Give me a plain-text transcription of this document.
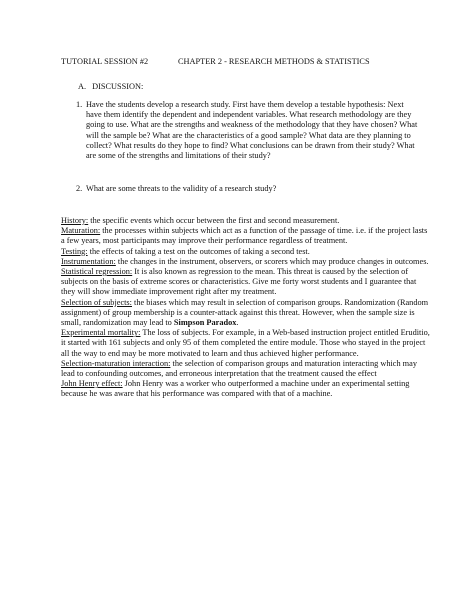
TUTORIAL SESSION #2	CHAPTER 2 - RESEARCH METHODS & STATISTICS
A. DISCUSSION:
1. Have the students develop a research study. First have them develop a testable hypothesis: Next have them identify the dependent and independent variables. What research methodology are they going to use. What are the strengths and weakness of the methodology that they have chosen? What will the sample be? What are the characteristics of a good sample? What data are they planning to collect? What results do they hope to find? What conclusions can be drawn from their study? What are some of the strengths and limitations of their study?
2. What are some threats to the validity of a research study?

History: the specific events which occur between the first and second measurement.

Maturation: the processes within subjects which act as a function of the passage of time. i.e. if the project lasts a few years, most participants may improve their performance regardless of treatment.

Testing: the effects of taking a test on the outcomes of taking a second test.

Instrumentation: the changes in the instrument, observers, or scorers which may produce changes in outcomes.

Statistical regression: It is also known as regression to the mean. This threat is caused by the selection of subjects on the basis of extreme scores or characteristics. Give me forty worst students and I guarantee that they will show immediate improvement right after my treatment.

Selection of subjects: the biases which may result in selection of comparison groups. Randomization (Random assignment) of group membership is a counter-attack against this threat. However, when the sample size is small, randomization may lead to Simpson Paradox.

Experimental mortality: The loss of subjects. For example, in a Web-based instruction project entitled Eruditio, it started with 161 subjects and only 95 of them completed the entire module. Those who stayed in the project all the way to end may be more motivated to learn and thus achieved higher performance.

Selection-maturation interaction: the selection of comparison groups and maturation interacting which may lead to confounding outcomes, and erroneous interpretation that the treatment caused the effect

John Henry effect: John Henry was a worker who outperformed a machine under an experimental setting because he was aware that his performance was compared with that of a machine.
